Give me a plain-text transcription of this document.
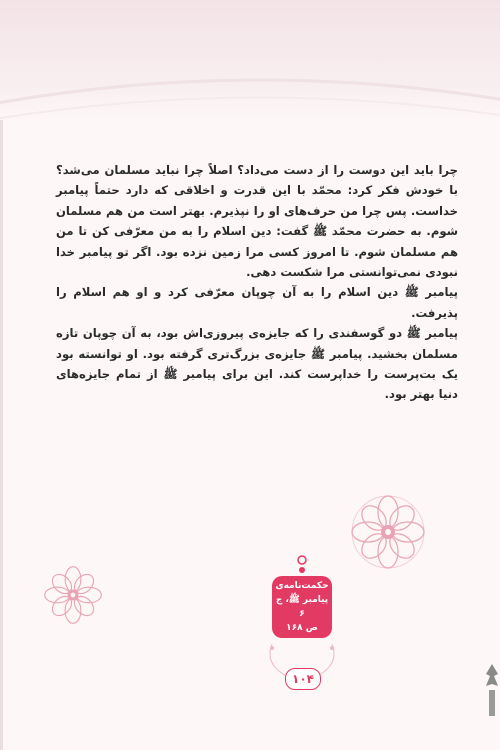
چرا باید این دوست را از دست می‌داد؟ اصلاً چرا نباید مسلمان می‌شد؟ با خودش فکر کرد: محمّد با این قدرت و اخلاقی که دارد حتماً پیامبر خداست. پس چرا من حرف‌های او را نپذیرم. بهتر است من هم مسلمان شوم. به حضرت محمّد ﷺ گفت: دین اسلام را به من معرّفی کن تا من هم مسلمان شوم. تا امروز کسی مرا زمین نزده بود. اگر تو پیامبر خدا نبودی نمی‌توانستی مرا شکست دهی.

پیامبر ﷺ دین اسلام را به آن چوپان معرّفی کرد و او هم اسلام را پذیرفت.

پیامبر ﷺ دو گوسفندی را که جایزه‌ی پیروزی‌اش بود، به آن چوپان تازه مسلمان بخشید. پیامبر ﷺ جایزه‌ی بزرگ‌تری گرفته بود. او توانسته بود یک بت‌پرست را خداپرست کند. این برای پیامبر ﷺ از تمام جایزه‌های دنیا بهتر بود.

حکمت‌نامه‌ی
پیامبر ﷺ، ج ۶
ص ۱۶۸
۱۰۴
